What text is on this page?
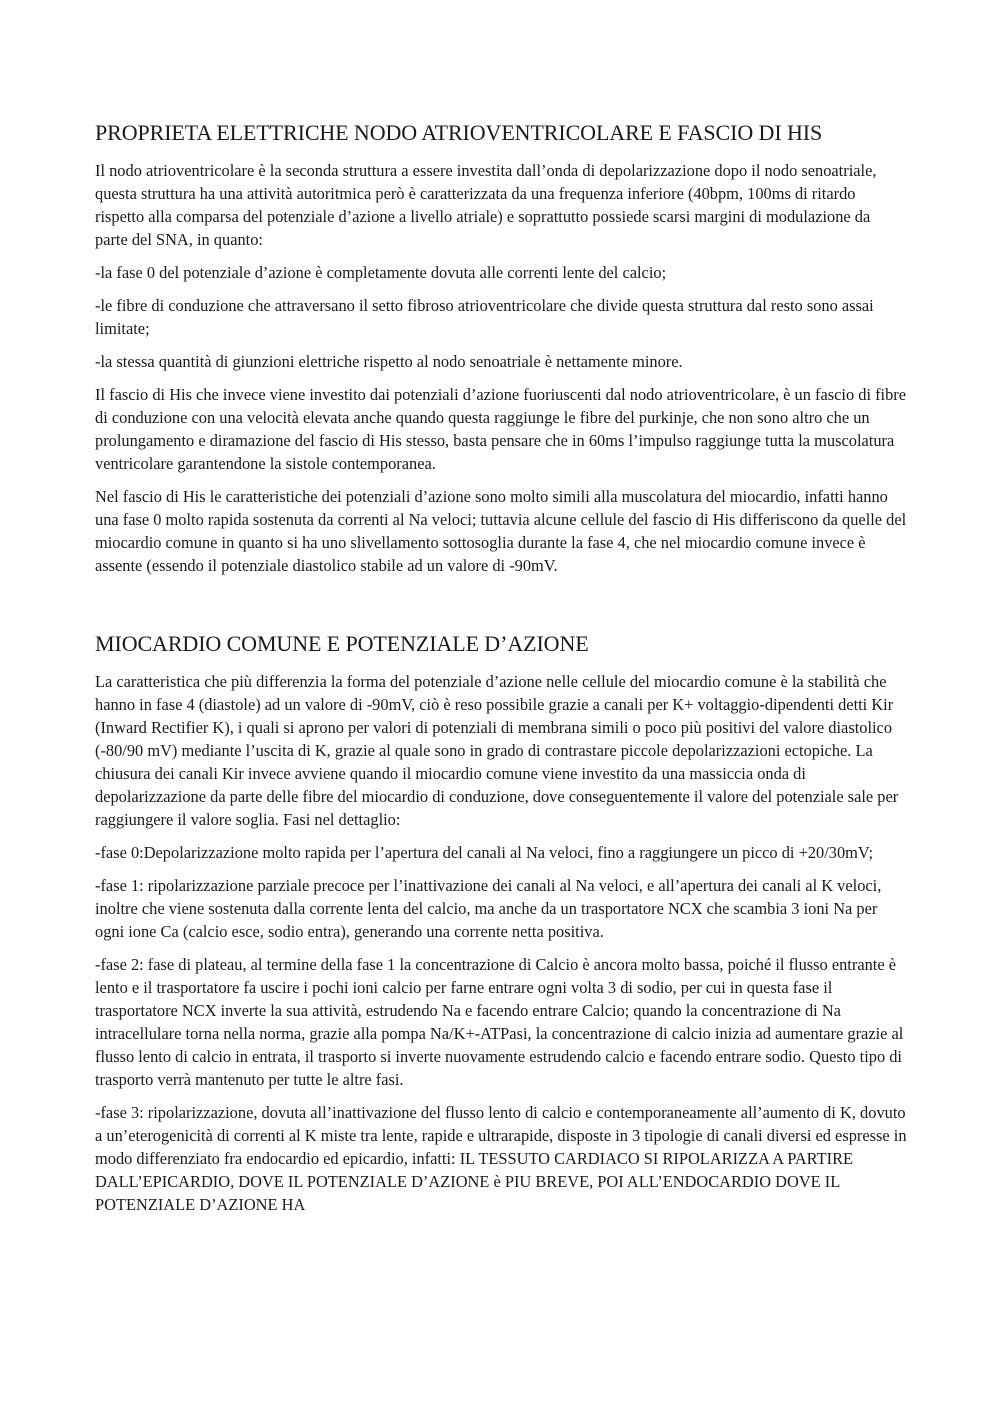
PROPRIETA ELETTRICHE NODO ATRIOVENTRICOLARE E FASCIO DI HIS

Il nodo atrioventricolare è la seconda struttura a essere investita dall’onda di depolarizzazione dopo il nodo senoatriale, questa struttura ha una attività autoritmica però è caratterizzata da una frequenza inferiore (40bpm, 100ms di ritardo rispetto alla comparsa del potenziale d’azione a livello atriale) e soprattutto possiede scarsi margini di modulazione da parte del SNA, in quanto:

-la fase 0 del potenziale d’azione è completamente dovuta alle correnti lente del calcio;

-le fibre di conduzione che attraversano il setto fibroso atrioventricolare che divide questa struttura dal resto sono assai limitate;

-la stessa quantità di giunzioni elettriche rispetto al nodo senoatriale è nettamente minore.

Il fascio di His che invece viene investito dai potenziali d’azione fuoriuscenti dal nodo atrioventricolare, è un fascio di fibre di conduzione con una velocità elevata anche quando questa raggiunge le fibre del purkinje, che non sono altro che un prolungamento e diramazione del fascio di His stesso, basta pensare che in 60ms l’impulso raggiunge tutta la muscolatura ventricolare garantendone la sistole contemporanea.

Nel fascio di His le caratteristiche dei potenziali d’azione sono molto simili alla muscolatura del miocardio, infatti hanno una fase 0 molto rapida sostenuta da correnti al Na veloci; tuttavia alcune cellule del fascio di His differiscono da quelle del miocardio comune in quanto si ha uno slivellamento sottosoglia durante la fase 4, che nel miocardio comune invece è assente (essendo il potenziale diastolico stabile ad un valore di -90mV.

MIOCARDIO COMUNE E POTENZIALE D’AZIONE

La caratteristica che più differenzia la forma del potenziale d’azione nelle cellule del miocardio comune è la stabilità che hanno in fase 4 (diastole) ad un valore di -90mV, ciò è reso possibile grazie a canali per K+ voltaggio-dipendenti detti Kir (Inward Rectifier K), i quali si aprono per valori di potenziali di membrana simili o poco più positivi del valore diastolico (-80/90 mV) mediante l’uscita di K, grazie al quale sono in grado di contrastare piccole depolarizzazioni ectopiche. La chiusura dei canali Kir invece avviene quando il miocardio comune viene investito da una massiccia onda di depolarizzazione da parte delle fibre del miocardio di conduzione, dove conseguentemente il valore del potenziale sale per raggiungere il valore soglia. Fasi nel dettaglio:

-fase 0:Depolarizzazione molto rapida per l’apertura del canali al Na veloci, fino a raggiungere un picco di +20/30mV;

-fase 1: ripolarizzazione parziale precoce per l’inattivazione dei canali al Na veloci, e all’apertura dei canali al K veloci, inoltre che viene sostenuta dalla corrente lenta del calcio, ma anche da un trasportatore NCX che scambia 3 ioni Na per ogni ione Ca (calcio esce, sodio entra), generando una corrente netta positiva.

-fase 2: fase di plateau, al termine della fase 1 la concentrazione di Calcio è ancora molto bassa, poiché il flusso entrante è lento e il trasportatore fa uscire i pochi ioni calcio per farne entrare ogni volta 3 di sodio, per cui in questa fase il trasportatore NCX inverte la sua attività, estrudendo Na e facendo entrare Calcio; quando la concentrazione di Na intracellulare torna nella norma, grazie alla pompa Na/K+-ATPasi, la concentrazione di calcio inizia ad aumentare grazie al flusso lento di calcio in entrata, il trasporto si inverte nuovamente estrudendo calcio e facendo entrare sodio. Questo tipo di trasporto verrà mantenuto per tutte le altre fasi.

-fase 3: ripolarizzazione, dovuta all’inattivazione del flusso lento di calcio e contemporaneamente all’aumento di K, dovuto a un’eterogenicità di correnti al K miste tra lente, rapide e ultrarapide, disposte in 3 tipologie di canali diversi ed espresse in modo differenziato fra endocardio ed epicardio, infatti: IL TESSUTO CARDIACO SI RIPOLARIZZA A PARTIRE DALL’EPICARDIO, DOVE IL POTENZIALE D’AZIONE è PIU BREVE, POI ALL’ENDOCARDIO DOVE IL POTENZIALE D’AZIONE HA
